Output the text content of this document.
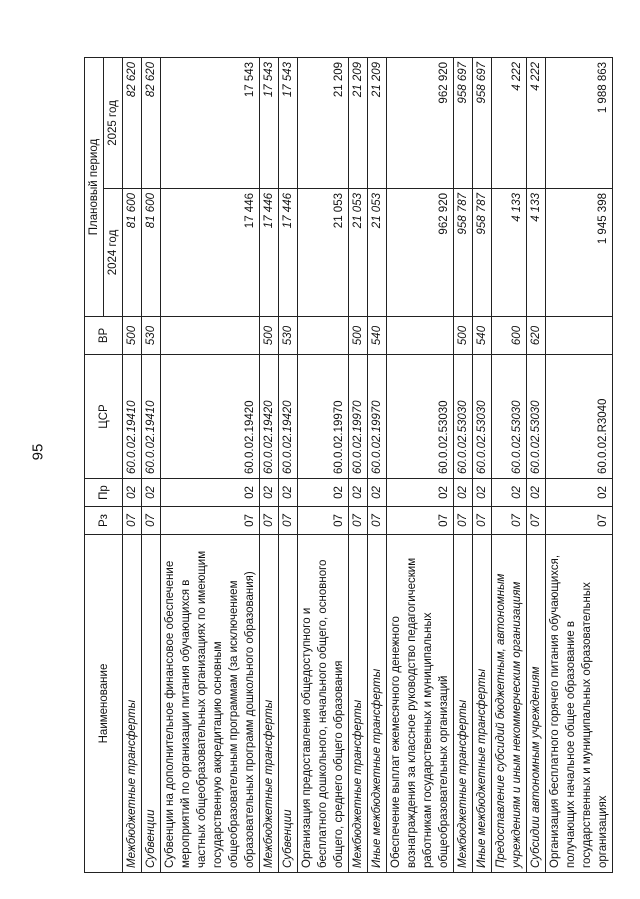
95
Наименование	Рз	Пр	ЦСР	ВР	Плановый период	
					2024 год	2025 год
Межбюджетные трансферты	07	02	60.0.02.19410	500	81 600	82 620
Субвенции	07	02	60.0.02.19410	530	81 600	82 620
Субвенции на дополнительное финансовое обеспечение мероприятий по организации питания обучающихся в частных общеобразовательных организациях по имеющим государственную аккредитацию основным общеобразовательным программам (за исключением образовательных программ дошкольного образования)	07	02	60.0.02.19420		17 446	17 543
Межбюджетные трансферты	07	02	60.0.02.19420	500	17 446	17 543
Субвенции	07	02	60.0.02.19420	530	17 446	17 543
Организация предоставления общедоступного и бесплатного дошкольного, начального общего, основного общего, среднего общего образования	07	02	60.0.02.19970		21 053	21 209
Межбюджетные трансферты	07	02	60.0.02.19970	500	21 053	21 209
Иные межбюджетные трансферты	07	02	60.0.02.19970	540	21 053	21 209
Обеспечение выплат ежемесячного денежного вознаграждения за классное руководство педагогическим работникам государственных и муниципальных общеобразовательных организаций	07	02	60.0.02.53030		962 920	962 920
Межбюджетные трансферты	07	02	60.0.02.53030	500	958 787	958 697
Иные межбюджетные трансферты	07	02	60.0.02.53030	540	958 787	958 697
Предоставление субсидий бюджетным, автономным учреждениям и иным некоммерческим организациям	07	02	60.0.02.53030	600	4 133	4 222
Субсидии автономным учреждениям	07	02	60.0.02.53030	620	4 133	4 222
Организация бесплатного горячего питания обучающихся, получающих начальное общее образование в государственных и муниципальных образовательных организациях	07	02	60.0.02.R3040		1 945 398	1 988 863
